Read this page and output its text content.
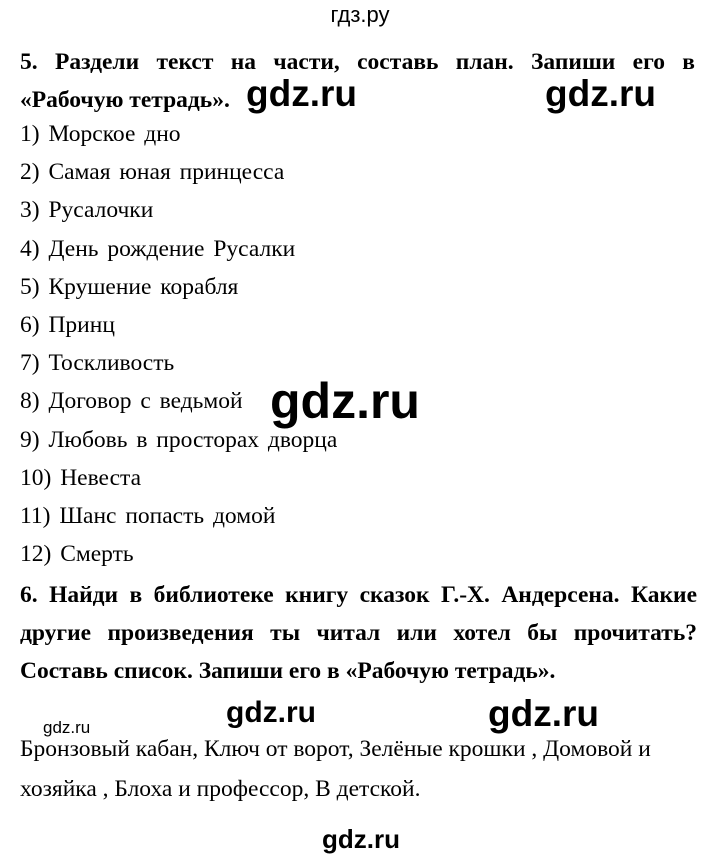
гдз.ру
5. Раздели текст на части, составь план. Запиши его в «Рабочую тетрадь».
1) Морское дно
2) Самая юная принцесса
3) Русалочки
4) День рождение Русалки
5) Крушение корабля
6) Принц
7) Тоскливость
8) Договор с ведьмой
9) Любовь в просторах дворца
10) Невеста
11) Шанс попасть домой
12) Смерть
6. Найди в библиотеке книгу сказок Г.-Х. Андерсена. Какие другие произведения ты читал или хотел бы прочитать? Составь список. Запиши его в «Рабочую тетрадь».
Бронзовый кабан, Ключ от ворот, Зелёные крошки , Домовой и хозяйка , Блоха и профессор, В детской.
gdz.ru	gdz.ru
gdz.ru
gdz.ru	gdz.ru
gdz.ru
gdz.ru
